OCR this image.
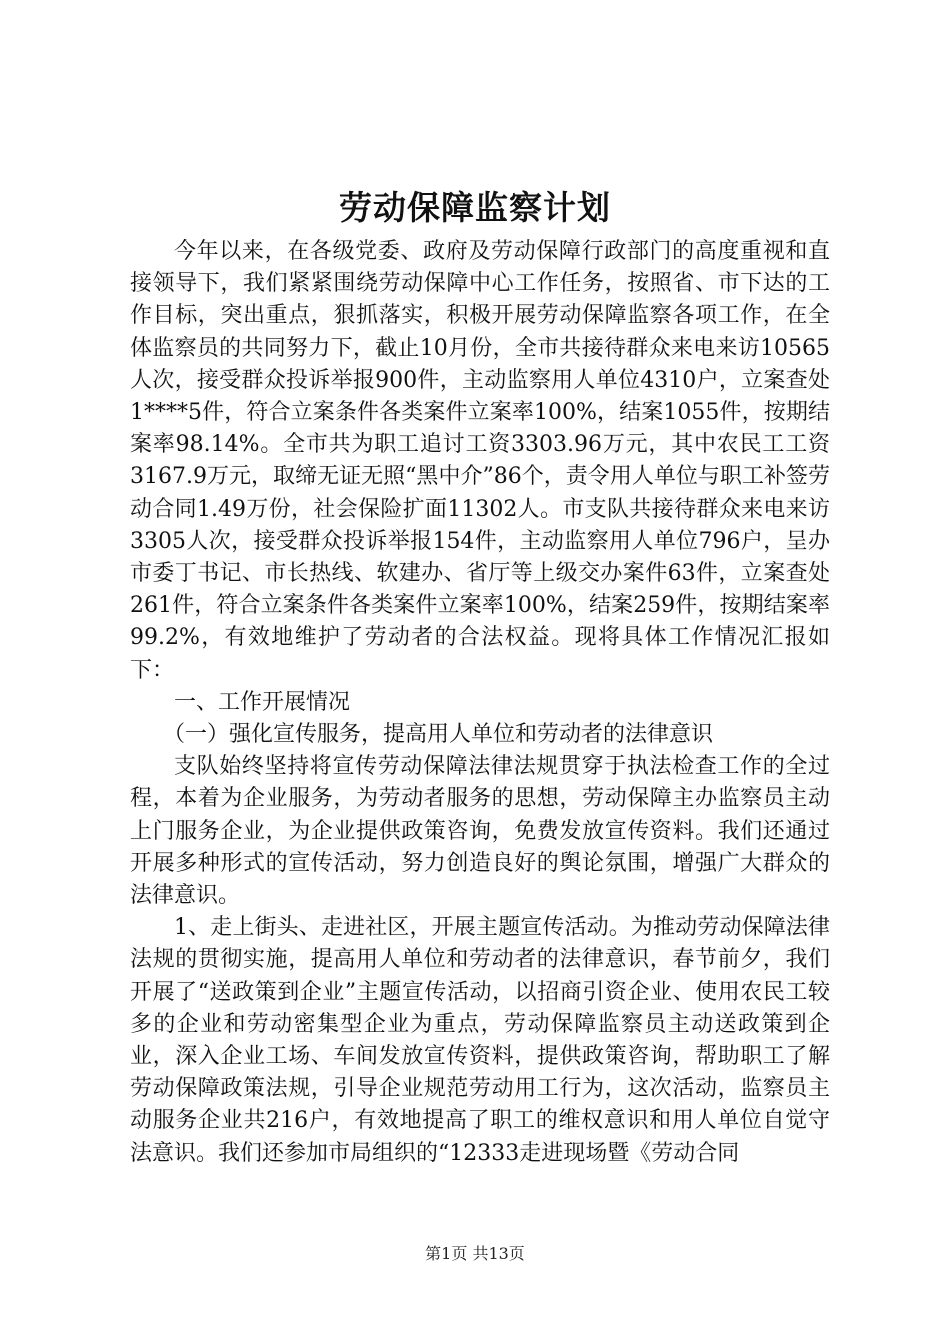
劳动保障监察计划

今年以来，在各级党委、政府及劳动保障行政部门的高度重视和直接领导下，我们紧紧围绕劳动保障中心工作任务，按照省、市下达的工作目标，突出重点，狠抓落实，积极开展劳动保障监察各项工作，在全体监察员的共同努力下，截止10月份，全市共接待群众来电来访10565人次，接受群众投诉举报900件，主动监察用人单位4310户，立案查处1****5件，符合立案条件各类案件立案率100%，结案1055件，按期结案率98.14%。全市共为职工追讨工资3303.96万元，其中农民工工资3167.9万元，取缔无证无照“黑中介”86个，责令用人单位与职工补签劳动合同1.49万份，社会保险扩面11302人。市支队共接待群众来电来访3305人次，接受群众投诉举报154件，主动监察用人单位796户，呈办市委丁书记、市长热线、软建办、省厅等上级交办案件63件，立案查处261件，符合立案条件各类案件立案率100%，结案259件，按期结案率99.2%，有效地维护了劳动者的合法权益。现将具体工作情况汇报如下：

一、工作开展情况

（一）强化宣传服务，提高用人单位和劳动者的法律意识

支队始终坚持将宣传劳动保障法律法规贯穿于执法检查工作的全过程，本着为企业服务，为劳动者服务的思想，劳动保障主办监察员主动上门服务企业，为企业提供政策咨询，免费发放宣传资料。我们还通过开展多种形式的宣传活动，努力创造良好的舆论氛围，增强广大群众的法律意识。

1、走上街头、走进社区，开展主题宣传活动。为推动劳动保障法律法规的贯彻实施，提高用人单位和劳动者的法律意识，春节前夕，我们开展了“送政策到企业”主题宣传活动，以招商引资企业、使用农民工较多的企业和劳动密集型企业为重点，劳动保障监察员主动送政策到企业，深入企业工场、车间发放宣传资料，提供政策咨询，帮助职工了解劳动保障政策法规，引导企业规范劳动用工行为，这次活动，监察员主动服务企业共216户，有效地提高了职工的维权意识和用人单位自觉守法意识。我们还参加市局组织的“12333走进现场暨《劳动合同

第1页 共13页
